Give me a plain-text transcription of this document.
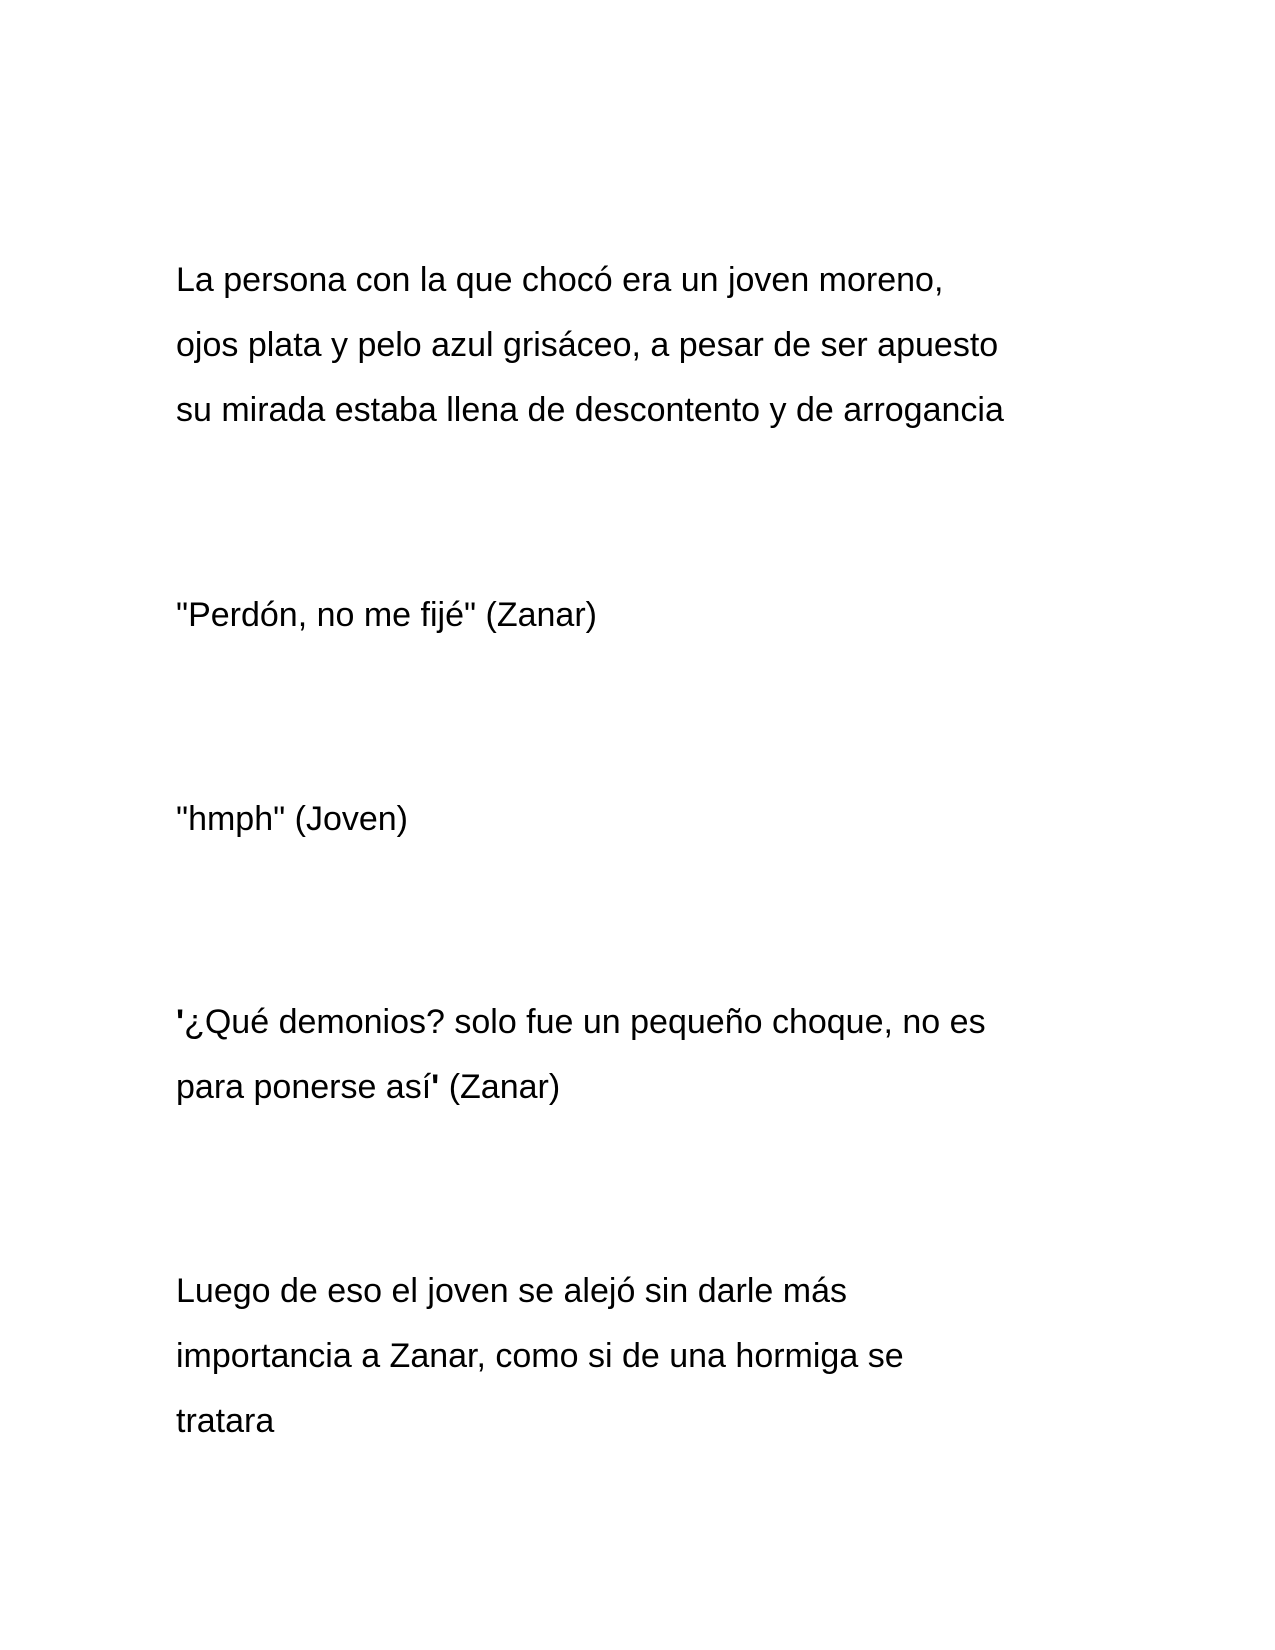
La persona con la que chocó era un joven moreno,
ojos plata y pelo azul grisáceo, a pesar de ser apuesto
su mirada estaba llena de descontento y de arrogancia

"Perdón, no me fijé" (Zanar)

"hmph" (Joven)

'¿Qué demonios? solo fue un pequeño choque, no es
para ponerse así' (Zanar)

Luego de eso el joven se alejó sin darle más
importancia a Zanar, como si de una hormiga se
tratara
